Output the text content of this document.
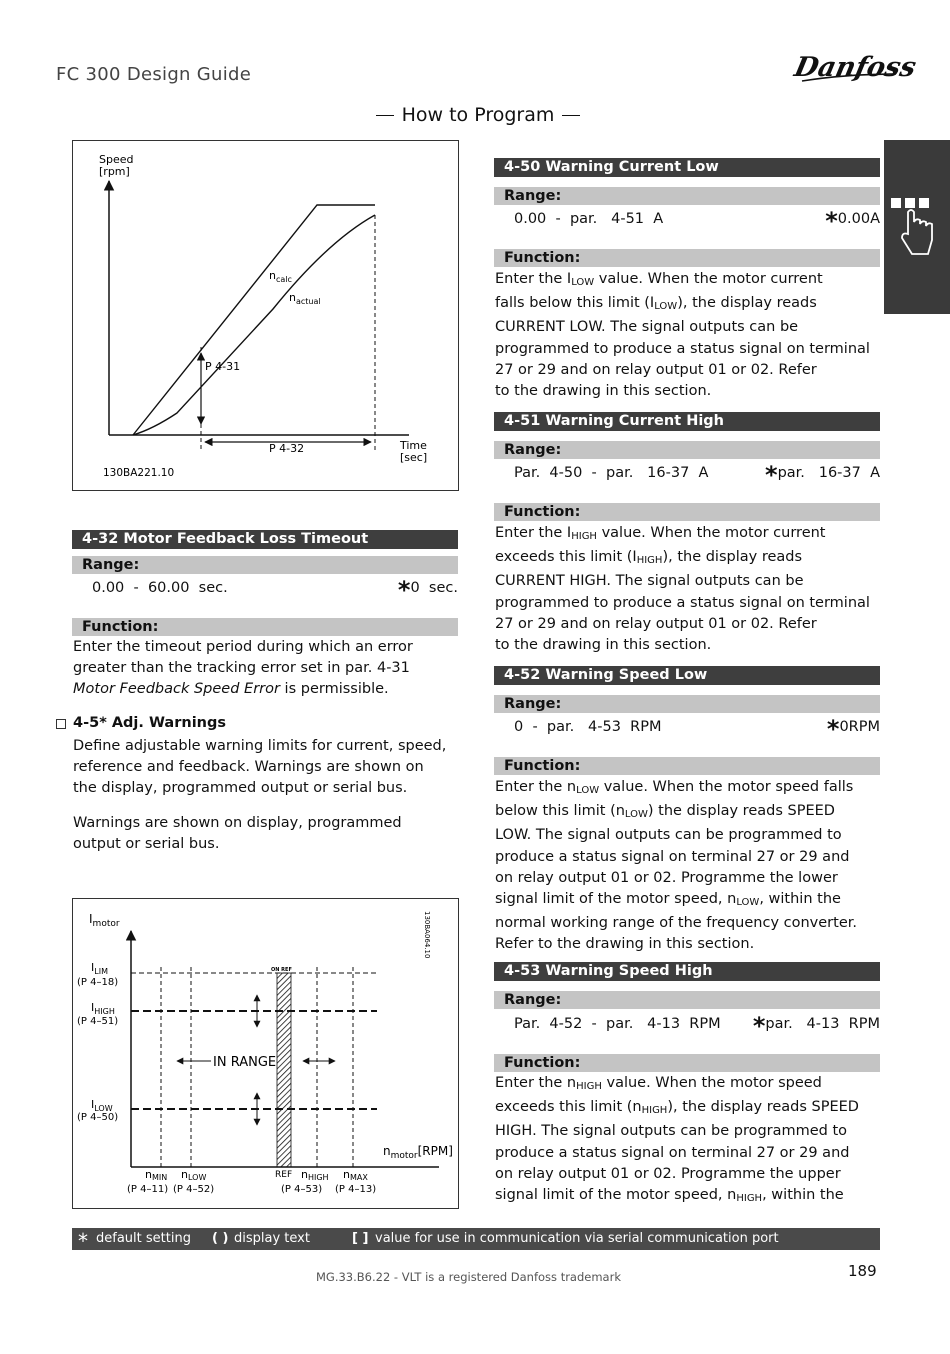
FC 300 Design Guide	Danfoss
How to Program
Speed
[rpm]
Time
[sec]
$n_{calc}$
$n_{actual}$
P 4-31
P 4-32
130BA221.10
4-32 Motor Feedback Loss Timeout
Range:
0.00  -  60.00  sec.	*0  sec.
Function:
Enter the timeout period during which an error
greater than the tracking error set in par. 4-31
Motor Feedback Speed Error is permissible.
4-5* Adj. Warnings
Define adjustable warning limits for current, speed,
reference and feedback. Warnings are shown on
the display, programmed output or serial bus.
Warnings are shown on display, programmed
output or serial bus.
$I_{motor}$	130BA064.10
ON REF
IN RANGE
$I_{LIM}$
(P 4–18)
$I_{HIGH}$
(P 4–51)
$I_{LOW}$
(P 4–50)
$n_{motor}[RPM]$
nMIN
(P 4–11)
nLOW
(P 4–52)
REF nHIGH
(P 4–53)
nMAX
(P 4–13)
4-50 Warning Current Low
Range:
0.00  -  par.   4-51  A	*0.00A
Function:
Enter the $I_{LOW}$ value. When the motor current
falls below this limit $(I_{LOW})$, the display reads
CURRENT LOW. The signal outputs can be
programmed to produce a status signal on terminal
27 or 29 and on relay output 01 or 02. Refer
to the drawing in this section.
4-51 Warning Current High
Range:
Par.  4-50  -  par.   16-37  A *par.   16-37  A
Function:
Enter the $I_{HIGH}$ value. When the motor current
exceeds this limit $(I_{HIGH})$, the display reads
CURRENT HIGH. The signal outputs can be
programmed to produce a status signal on terminal
27 or 29 and on relay output 01 or 02. Refer
to the drawing in this section.
4-52 Warning Speed Low
Range:
0  -  par.   4-53  RPM	*0RPM
Function:
Enter the $n_{LOW}$ value. When the motor speed falls
below this limit $(n_{LOW})$ the display reads SPEED
LOW. The signal outputs can be programmed to
produce a status signal on terminal 27 or 29 and
on relay output 01 or 02. Programme the lower
signal limit of the motor speed, $n_{LOW}$, within the
normal working range of the frequency converter.
Refer to the drawing in this section.
4-53 Warning Speed High
Range:
Par.  4-52  -  par.   4-13  RPM *par.   4-13  RPM
Function:
Enter the $n_{HIGH}$ value. When the motor speed
exceeds this limit $(n_{HIGH})$, the display reads SPEED
HIGH. The signal outputs can be programmed to
produce a status signal on terminal 27 or 29 and
on relay output 01 or 02. Programme the upper
signal limit of the motor speed, $n_{HIGH}$, within the
* default setting ( ) display text	[ ] value for use in communication via serial communication port
MG.33.B6.22 - VLT is a registered Danfoss trademark	189
